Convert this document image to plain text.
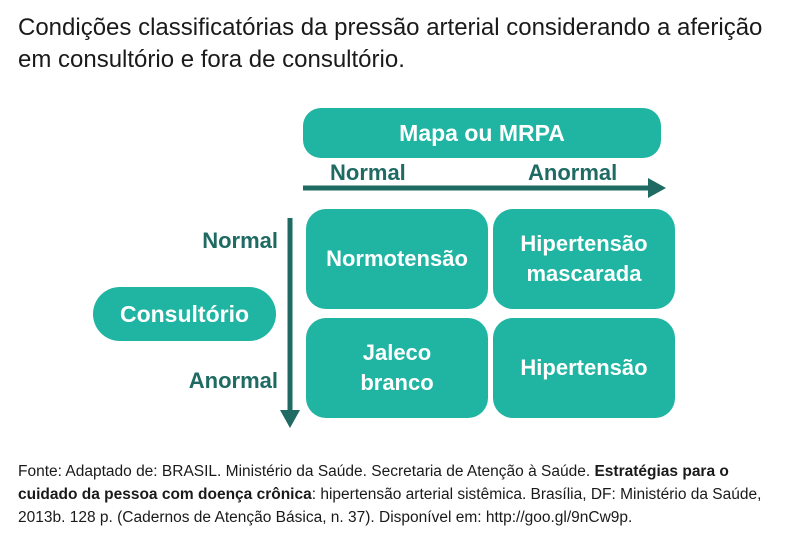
Condições classificatórias da pressão arterial considerando a aferição em consultório e fora de consultório.
Mapa ou MRPA
Normal	Anormal
Consultório
Normal
Anormal
Normotensão
Hipertensão
mascarada
Jaleco
branco
Hipertensão
Fonte: Adaptado de: BRASIL. Ministério da Saúde. Secretaria de Atenção à Saúde. Estratégias para o cuidado da pessoa com doença crônica: hipertensão arterial sistêmica. Brasília, DF: Ministério da Saúde, 2013b. 128 p. (Cadernos de Atenção Básica, n. 37). Disponível em: http://goo.gl/9nCw9p.
